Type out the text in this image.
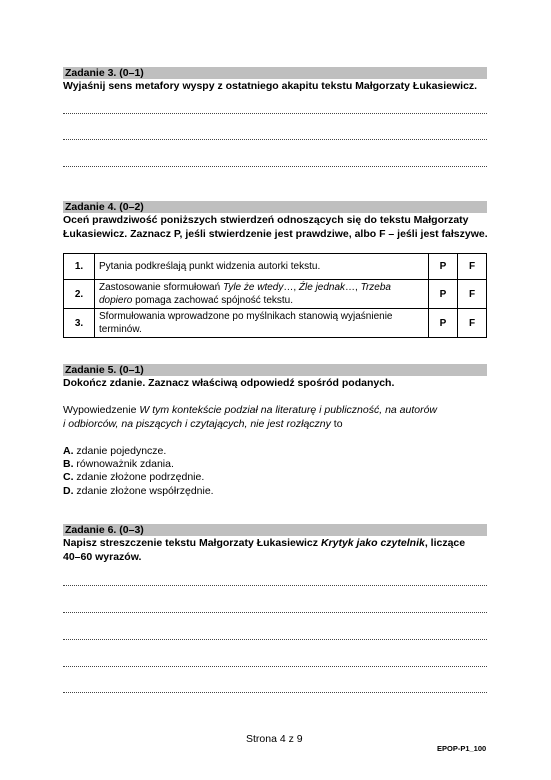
Zadanie 3. (0–1)
Wyjaśnij sens metafory wyspy z ostatniego akapitu tekstu Małgorzaty Łukasiewicz.
Zadanie 4. (0–2)
Oceń prawdziwość poniższych stwierdzeń odnoszących się do tekstu Małgorzaty
Łukasiewicz. Zaznacz P, jeśli stwierdzenie jest prawdziwe, albo F – jeśli jest fałszywe.
1.	Pytania podkreślają punkt widzenia autorki tekstu.	P	F
2.	Zastosowanie sformułowań Tyle że wtedy…, Źle jednak…, Trzeba
dopiero pomaga zachować spójność tekstu.	P	F
3.	Sformułowania wprowadzone po myślnikach stanowią wyjaśnienie
terminów.	P	F
Zadanie 5. (0–1)
Dokończ zdanie. Zaznacz właściwą odpowiedź spośród podanych.
Wypowiedzenie W tym kontekście podział na literaturę i publiczność, na autorów
i odbiorców, na piszących i czytających, nie jest rozłączny to
A. zdanie pojedyncze.
B. równoważnik zdania.
C. zdanie złożone podrzędnie.
D. zdanie złożone współrzędnie.
Zadanie 6. (0–3)
Napisz streszczenie tekstu Małgorzaty Łukasiewicz Krytyk jako czytelnik, liczące
40–60 wyrazów.
Strona 4 z 9
EPOP-P1_100
